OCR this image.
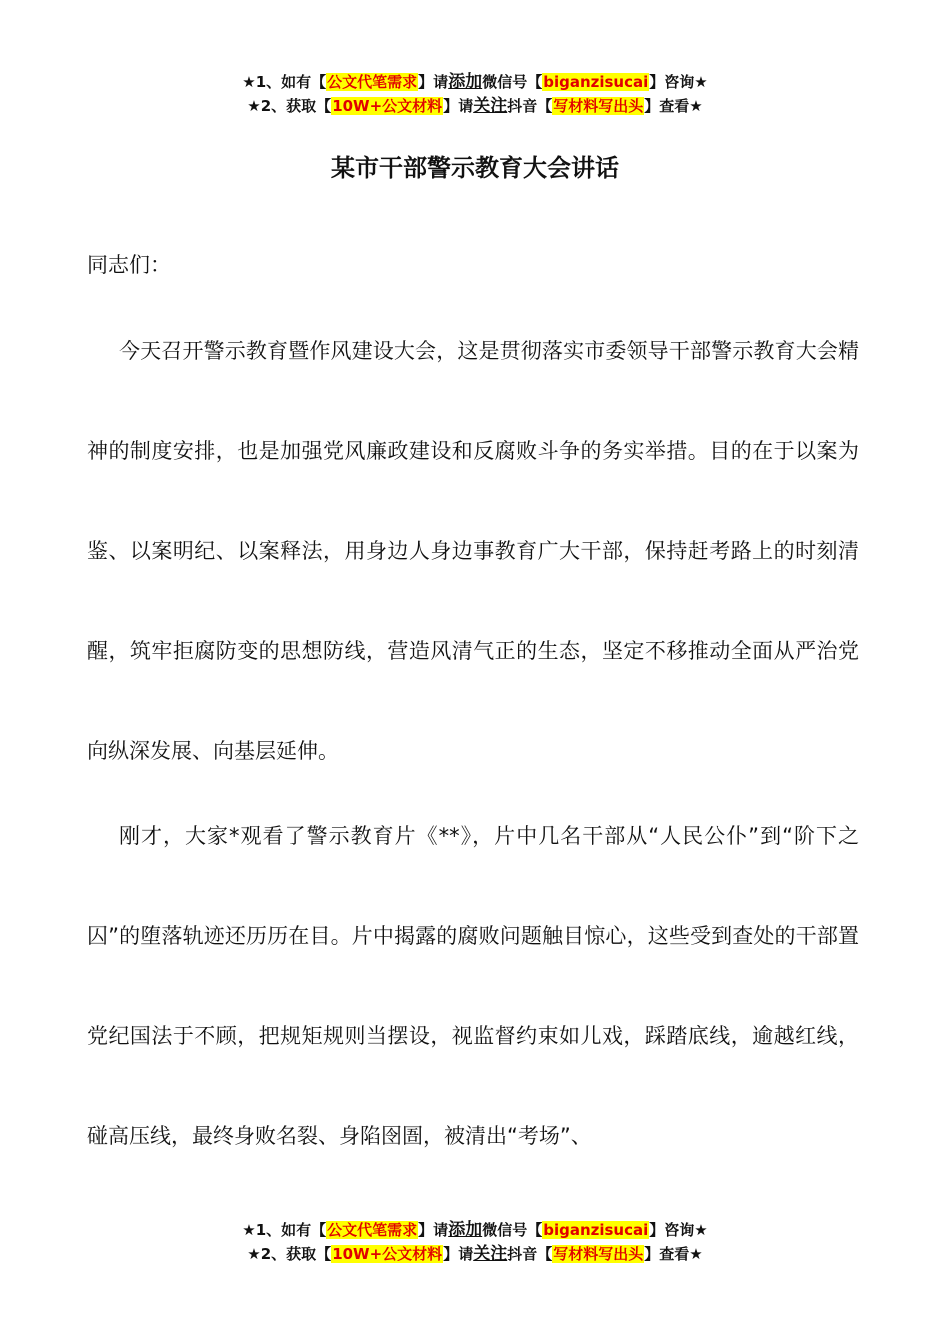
★1、如有【公文代笔需求】请添加微信号【biganzisucai】咨询★
★2、获取【10W+公文材料】请关注抖音【写材料写出头】查看★
某市干部警示教育大会讲话

同志们：

今天召开警示教育暨作风建设大会，这是贯彻落实市委领导干部警示教育大会精神的制度安排，也是加强党风廉政建设和反腐败斗争的务实举措。目的在于以案为鉴、以案明纪、以案释法，用身边人身边事教育广大干部，保持赶考路上的时刻清醒，筑牢拒腐防变的思想防线，营造风清气正的生态，坚定不移推动全面从严治党向纵深发展、向基层延伸。

刚才，大家*观看了警示教育片《**》，片中几名干部从“人民公仆”到“阶下之囚”的堕落轨迹还历历在目。片中揭露的腐败问题触目惊心，这些受到查处的干部置党纪国法于不顾，把规矩规则当摆设，视监督约束如儿戏，踩踏底线，逾越红线，碰高压线，最终身败名裂、身陷囹圄，被清出“考场”、

★1、如有【公文代笔需求】请添加微信号【biganzisucai】咨询★
★2、获取【10W+公文材料】请关注抖音【写材料写出头】查看★
